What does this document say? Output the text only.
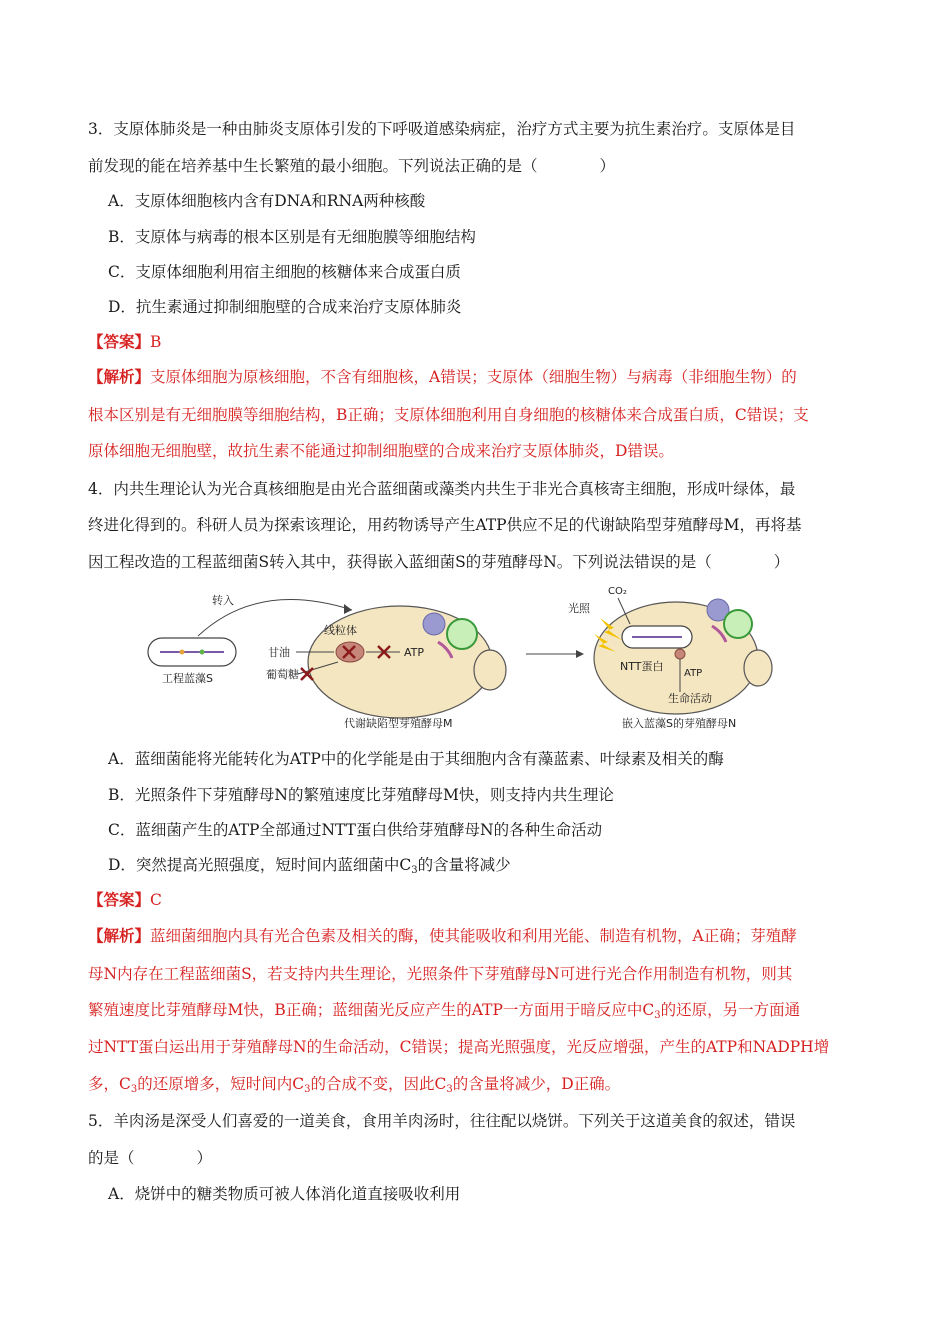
3．支原体肺炎是一种由肺炎支原体引发的下呼吸道感染病症，治疗方式主要为抗生素治疗。支原体是目
前发现的能在培养基中生长繁殖的最小细胞。下列说法正确的是（　　　　）
A．支原体细胞核内含有DNA和RNA两种核酸
B．支原体与病毒的根本区别是有无细胞膜等细胞结构
C．支原体细胞利用宿主细胞的核糖体来合成蛋白质
D．抗生素通过抑制细胞壁的合成来治疗支原体肺炎
【答案】B
【解析】支原体细胞为原核细胞，不含有细胞核，A错误；支原体（细胞生物）与病毒（非细胞生物）的
根本区别是有无细胞膜等细胞结构，B正确；支原体细胞利用自身细胞的核糖体来合成蛋白质，C错误；支
原体细胞无细胞壁，故抗生素不能通过抑制细胞壁的合成来治疗支原体肺炎，D错误。
4．内共生理论认为光合真核细胞是由光合蓝细菌或藻类内共生于非光合真核寄主细胞，形成叶绿体，最
终进化得到的。科研人员为探索该理论，用药物诱导产生ATP供应不足的代谢缺陷型芽殖酵母M，再将基
因工程改造的工程蓝细菌S转入其中，获得嵌入蓝细菌S的芽殖酵母N。下列说法错误的是（　　　　）
工程蓝藻S
转入
线粒体
甘油
葡萄糖
ATP
代谢缺陷型芽殖酵母M
CO₂
光照
NTT蛋白
ATP
生命活动
嵌入蓝藻S的芽殖酵母N
A．蓝细菌能将光能转化为ATP中的化学能是由于其细胞内含有藻蓝素、叶绿素及相关的酶
B．光照条件下芽殖酵母N的繁殖速度比芽殖酵母M快，则支持内共生理论
C．蓝细菌产生的ATP全部通过NTT蛋白供给芽殖酵母N的各种生命活动
D．突然提高光照强度，短时间内蓝细菌中$C_3$的含量将减少
【答案】C
【解析】蓝细菌细胞内具有光合色素及相关的酶，使其能吸收和利用光能、制造有机物，A正确；芽殖酵
母N内存在工程蓝细菌S，若支持内共生理论，光照条件下芽殖酵母N可进行光合作用制造有机物，则其
繁殖速度比芽殖酵母M快，B正确；蓝细菌光反应产生的ATP一方面用于暗反应中$C_3$的还原，另一方面通
过NTT蛋白运出用于芽殖酵母N的生命活动，C错误；提高光照强度，光反应增强，产生的ATP和NADPH增
多，$C_3$的还原增多，短时间内$C_3$的合成不变，因此$C_3$的含量将减少，D正确。
5．羊肉汤是深受人们喜爱的一道美食，食用羊肉汤时，往往配以烧饼。下列关于这道美食的叙述，错误
的是（　　　　）
A．烧饼中的糖类物质可被人体消化道直接吸收利用
